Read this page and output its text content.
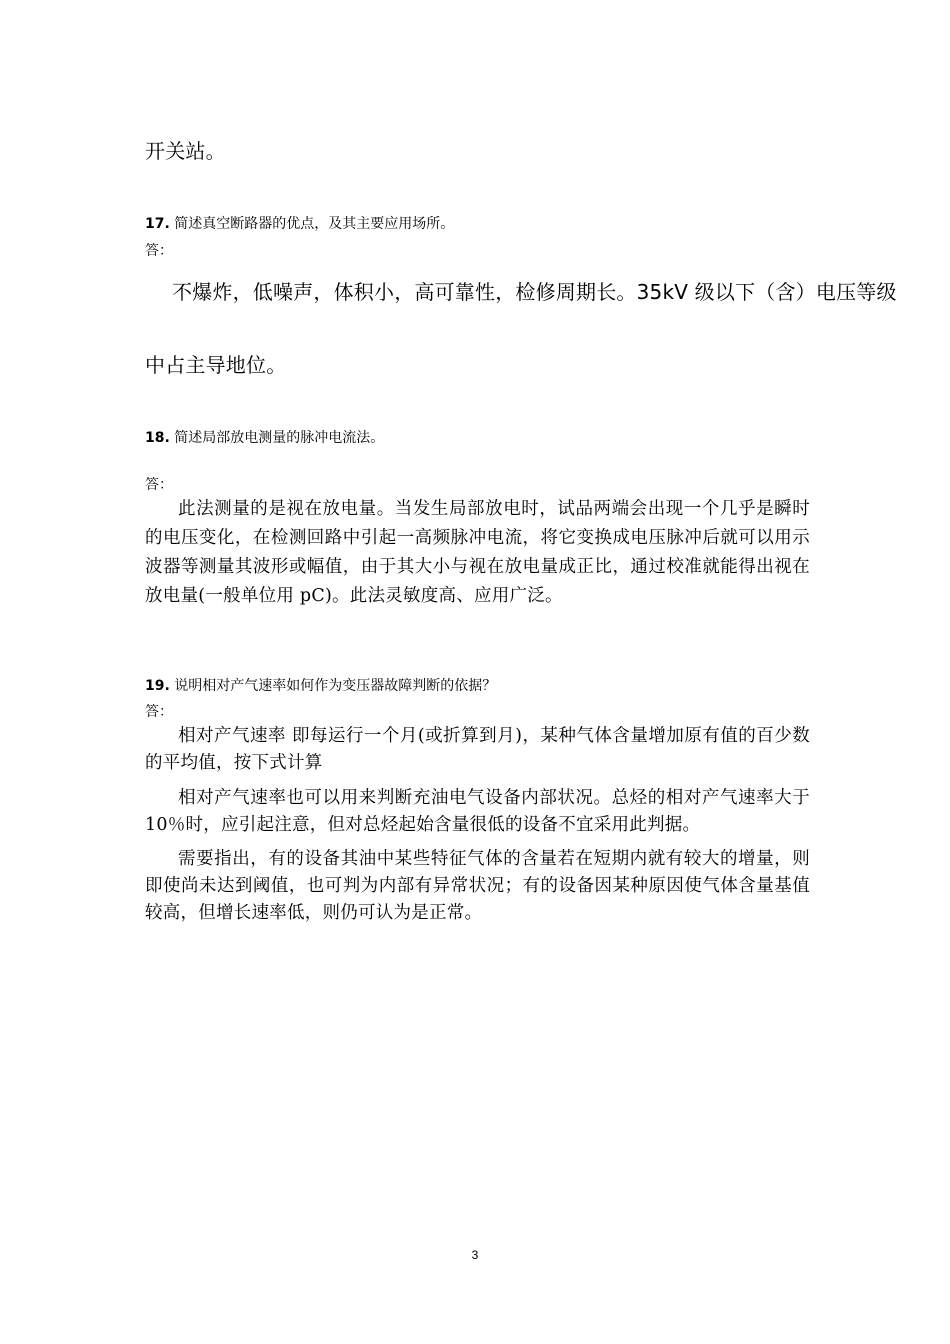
开关站。
17. 简述真空断路器的优点，及其主要应用场所。
答：
不爆炸，低噪声，体积小，高可靠性，检修周期长。35kV 级以下（含）电压等级
中占主导地位。
18. 简述局部放电测量的脉冲电流法。
答：

此法测量的是视在放电量。当发生局部放电时，试品两端会出现一个几乎是瞬时的电压变化，在检测回路中引起一高频脉冲电流，将它变换成电压脉冲后就可以用示波器等测量其波形或幅值，由于其大小与视在放电量成正比，通过校准就能得出视在放电量(一般单位用 pC)。此法灵敏度高、应用广泛。

19. 说明相对产气速率如何作为变压器故障判断的依据？
答：

相对产气速率 即每运行一个月(或折算到月)，某种气体含量增加原有值的百少数的平均值，按下式计算

相对产气速率也可以用来判断充油电气设备内部状况。总烃的相对产气速率大于 10％时，应引起注意，但对总烃起始含量很低的设备不宜采用此判据。

需要指出，有的设备其油中某些特征气体的含量若在短期内就有较大的增量，则即使尚未达到阈值，也可判为内部有异常状况；有的设备因某种原因使气体含量基值较高，但增长速率低，则仍可认为是正常。

3
